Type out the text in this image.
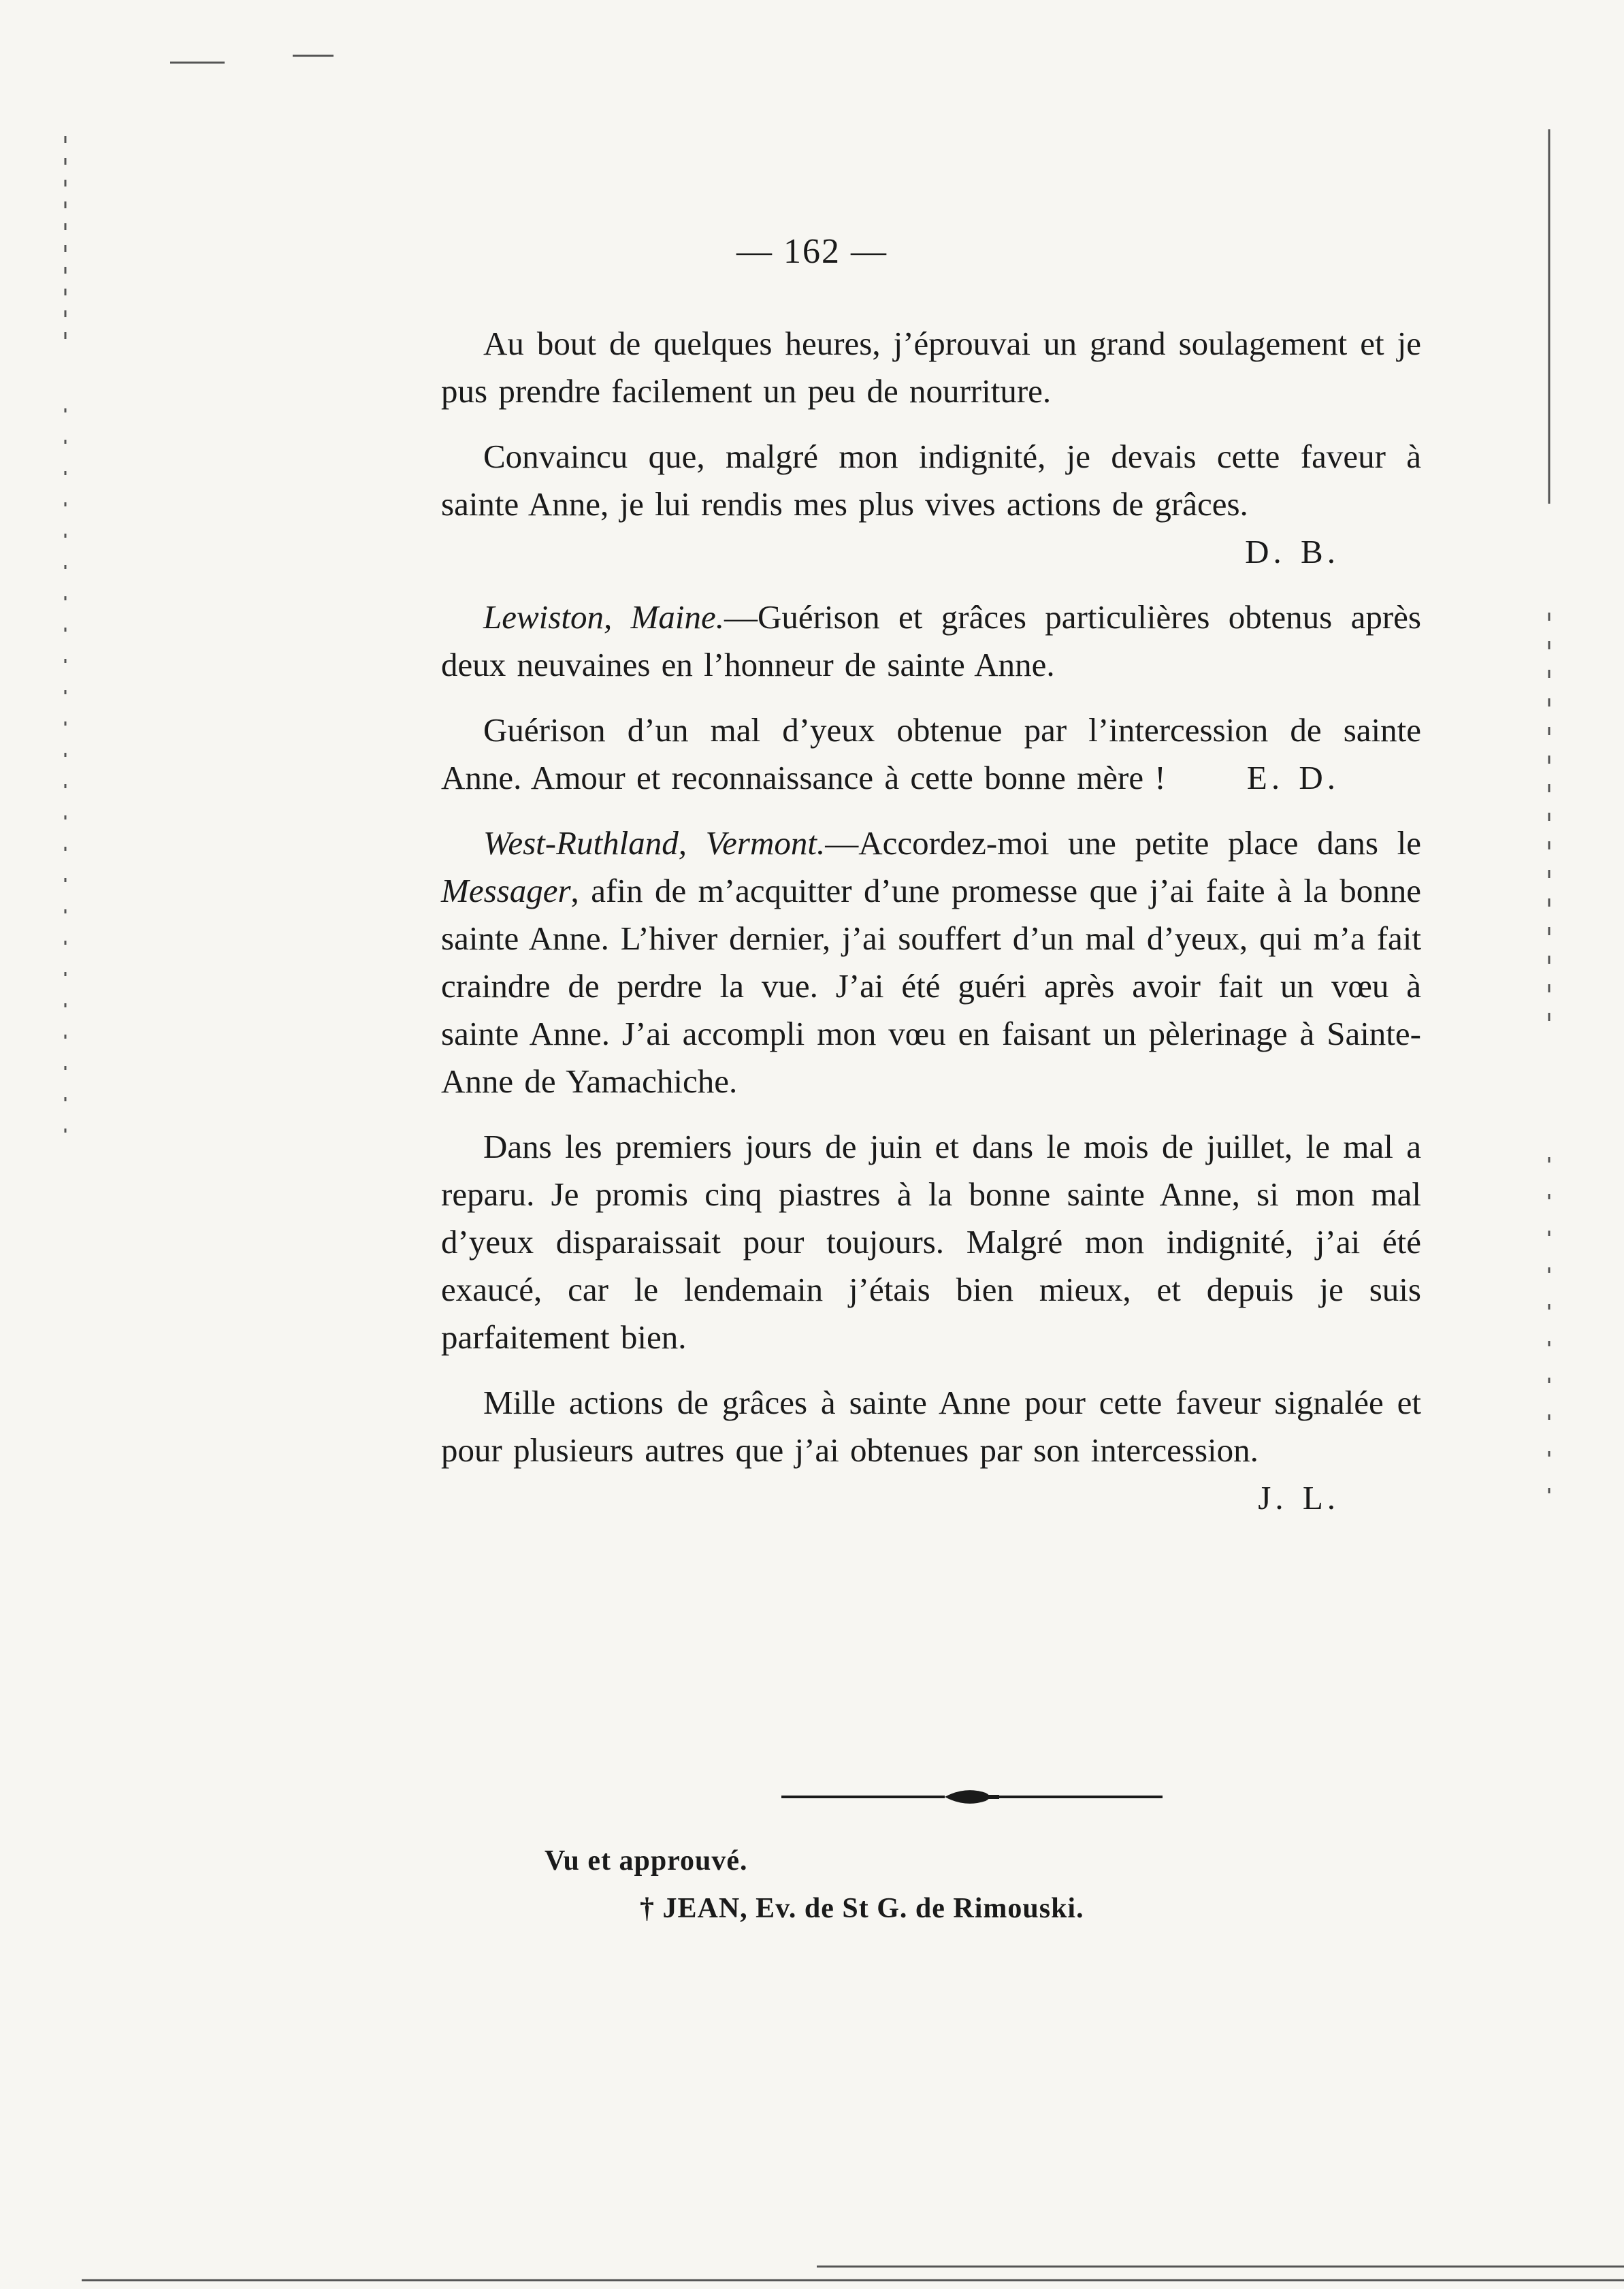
— 162 —

Au bout de quelques heures, j’éprouvai un grand soulagement et je pus prendre facilement un peu de nourriture.

Convaincu que, malgré mon indignité, je devais cette faveur à sainte Anne, je lui rendis mes plus vives actions de grâces.
D. B.

Lewiston, Maine.—Guérison et grâces particulières obtenus après deux neuvaines en l’honneur de sainte Anne.

Guérison d’un mal d’yeux obtenue par l’intercession de sainte Anne. Amour et reconnaissance à cette bonne mère !	E. D.

West-Ruthland, Vermont.—Accordez-moi une petite place dans le Messager, afin de m’acquitter d’une promesse que j’ai faite à la bonne sainte Anne. L’hiver dernier, j’ai souffert d’un mal d’yeux, qui m’a fait craindre de perdre la vue. J’ai été guéri après avoir fait un vœu à sainte Anne. J’ai accompli mon vœu en faisant un pèlerinage à Sainte-Anne de Yamachiche.

Dans les premiers jours de juin et dans le mois de juillet, le mal a reparu. Je promis cinq piastres à la bonne sainte Anne, si mon mal d’yeux disparaissait pour toujours. Malgré mon indignité, j’ai été exaucé, car le lendemain j’étais bien mieux, et depuis je suis parfaitement bien.

Mille actions de grâces à sainte Anne pour cette faveur signalée et pour plusieurs autres que j’ai obtenues par son intercession.
J. L.

Vu et approuvé.
† JEAN, Ev. de St G. de Rimouski.
